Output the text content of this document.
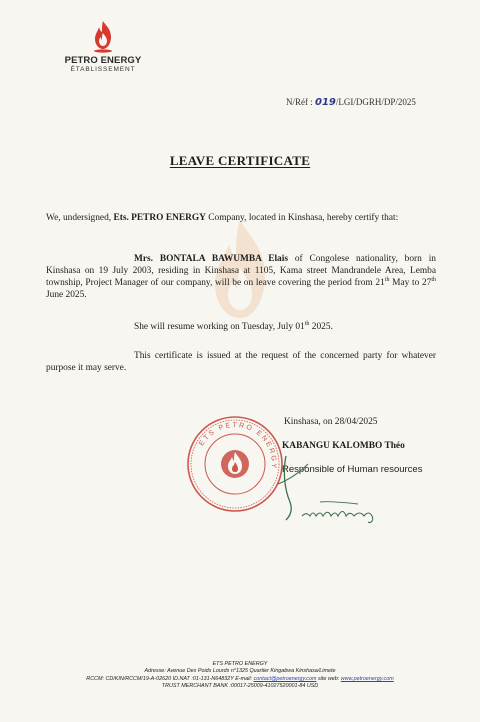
PETRO ENERGY
ÉTABLISSEMENT
N/Réf : 019/LGI/DGRH/DP/2025
LEAVE CERTIFICATE
We, undersigned, Ets. PETRO ENERGY Company, located in Kinshasa, hereby certify that:
Mrs. BONTALA BAWUMBA Elais of Congolese nationality, born in Kinshasa on 19 July 2003, residing in Kinshasa at 1105, Kama street Mandrandele Area, Lemba township, Project Manager of our company, will be on leave covering the period from 21th May to 27th June 2025.
She will resume working on Tuesday, July 01th 2025.
This certificate is issued at the request of the concerned party for whatever purpose it may serve.
ETS PETRO ENERGY
Kinshasa, on 28/04/2025
KABANGU KALOMBO Théo
Responsible of Human resources
ETS PETRO ENERGY
Adresse: Avenue Des Poids Lourds n°1325 Quartier Kingabwa Kinshasa/Limete
RCCM: CD/KIN/RCCM/19-A-02620 ID.NAT :01-131-N64832Y E-mail: contact@petroenergy.com site web: www.petroenergy.com
TRUST MERCHANT BANK :00017-25009-41027520001-84 USD
